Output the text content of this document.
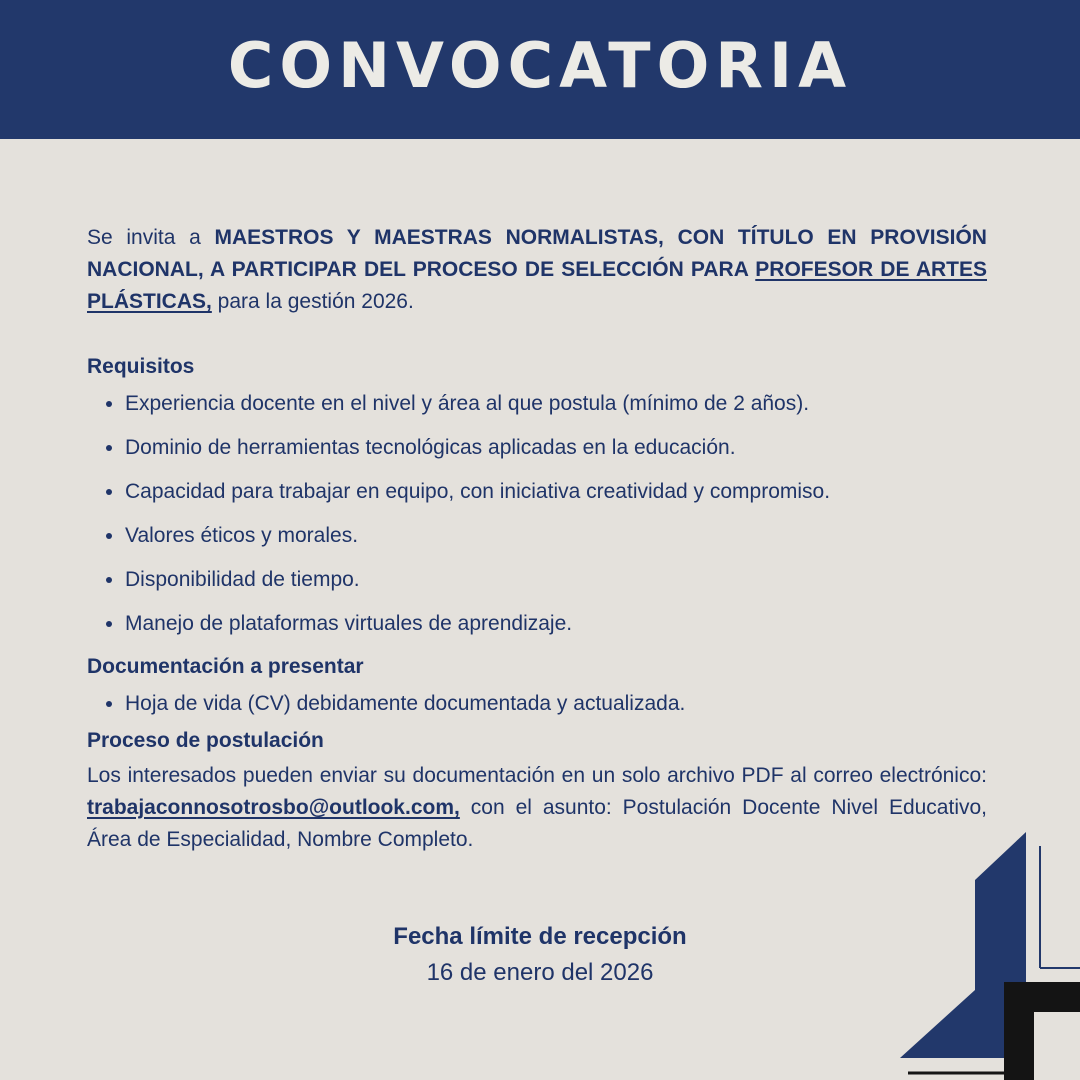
CONVOCATORIA

Se invita a MAESTROS Y MAESTRAS NORMALISTAS, CON TÍTULO EN PROVISIÓN NACIONAL, A PARTICIPAR DEL PROCESO DE SELECCIÓN PARA PROFESOR DE ARTES PLÁSTICAS, para la gestión 2026.

Requisitos

• Experiencia docente en el nivel y área al que postula (mínimo de 2 años).
• Dominio de herramientas tecnológicas aplicadas en la educación.
• Capacidad para trabajar en equipo, con iniciativa creatividad y compromiso.
• Valores éticos y morales.
• Disponibilidad de tiempo.
• Manejo de plataformas virtuales de aprendizaje.

Documentación a presentar

• Hoja de vida (CV) debidamente documentada y actualizada.

Proceso de postulación

Los interesados pueden enviar su documentación en un solo archivo PDF al correo electrónico: trabajaconnosotrosbo@outlook.com, con el asunto: Postulación Docente Nivel Educativo, Área de Especialidad, Nombre Completo.

Fecha límite de recepción
16 de enero del 2026
